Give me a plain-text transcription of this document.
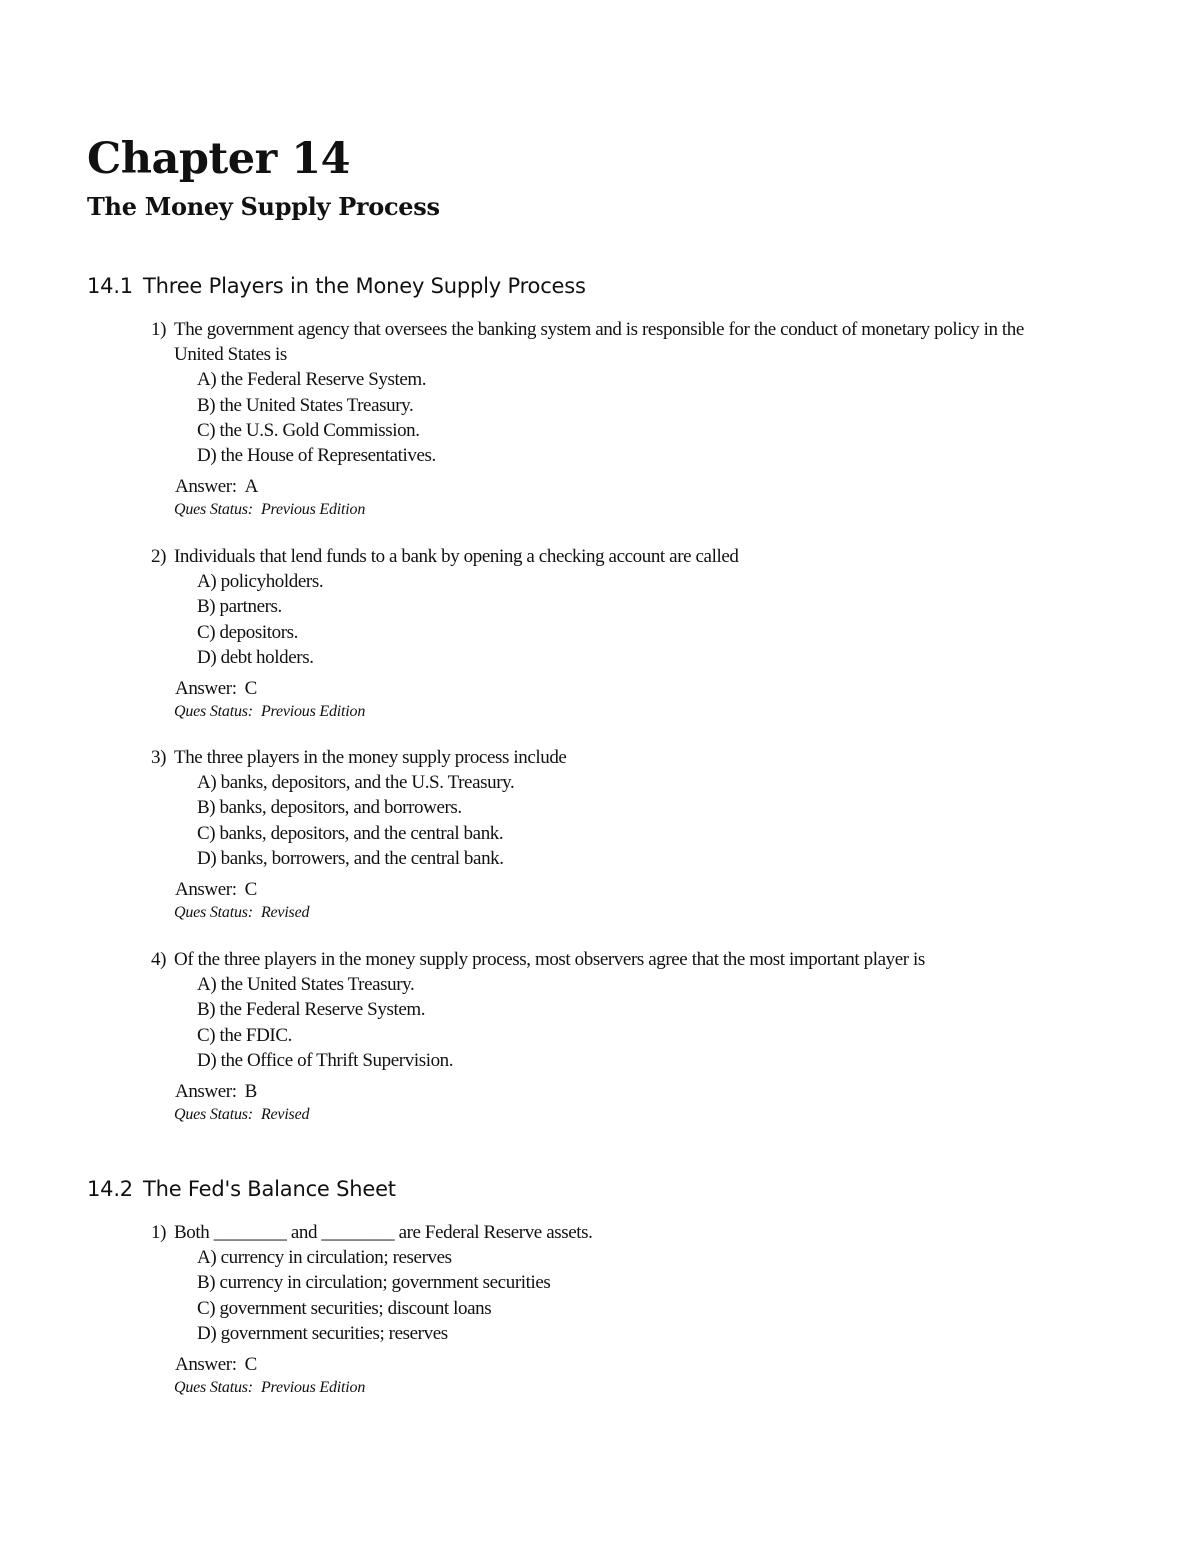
Chapter 14
The Money Supply Process
14.1 Three Players in the Money Supply Process

1) The government agency that oversees the banking system and is responsible for the conduct of monetary policy in the United States is

A) the Federal Reserve System.
B) the United States Treasury.
C) the U.S. Gold Commission.
D) the House of Representatives.

Answer: A

Ques Status: Previous Edition

2) Individuals that lend funds to a bank by opening a checking account are called

A) policyholders.
B) partners.
C) depositors.
D) debt holders.

Answer: C

Ques Status: Previous Edition

3) The three players in the money supply process include

A) banks, depositors, and the U.S. Treasury.
B) banks, depositors, and borrowers.
C) banks, depositors, and the central bank.
D) banks, borrowers, and the central bank.

Answer: C

Ques Status: Revised

4) Of the three players in the money supply process, most observers agree that the most important player is

A) the United States Treasury.
B) the Federal Reserve System.
C) the FDIC.
D) the Office of Thrift Supervision.

Answer: B

Ques Status: Revised

14.2 The Fed's Balance Sheet

1) Both ________ and ________ are Federal Reserve assets.

A) currency in circulation; reserves
B) currency in circulation; government securities
C) government securities; discount loans
D) government securities; reserves

Answer: C

Ques Status: Previous Edition
